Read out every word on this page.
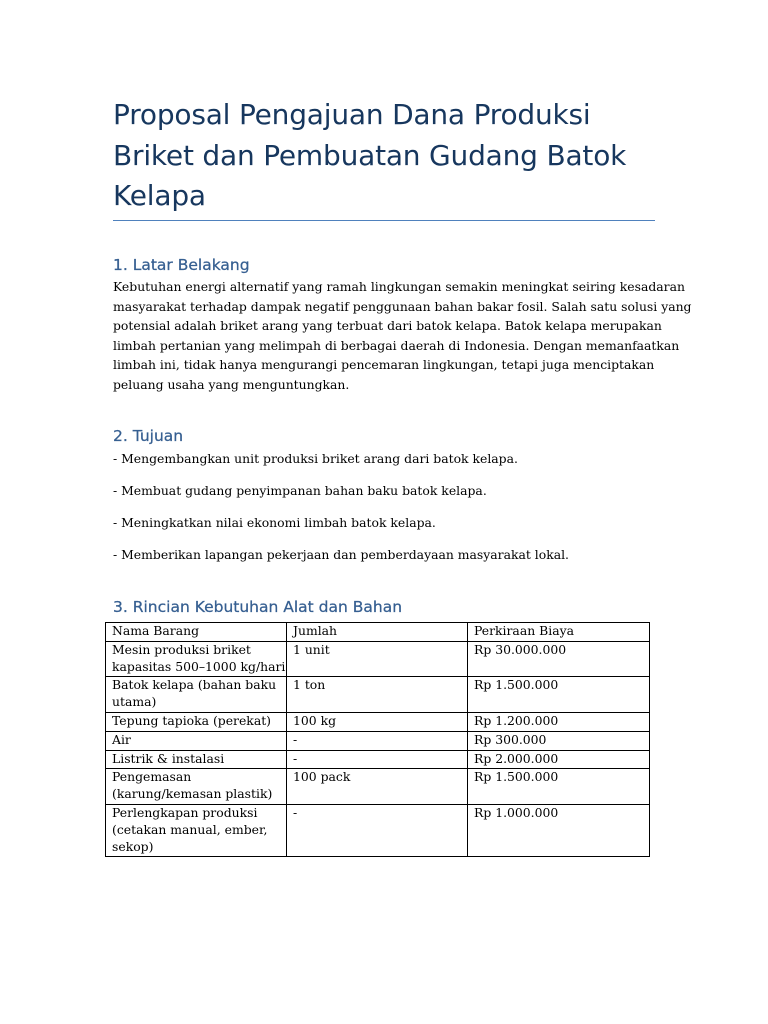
Proposal Pengajuan Dana Produksi
Briket dan Pembuatan Gudang Batok
Kelapa
1. Latar Belakang

Kebutuhan energi alternatif yang ramah lingkungan semakin meningkat seiring kesadaran
masyarakat terhadap dampak negatif penggunaan bahan bakar fosil. Salah satu solusi yang
potensial adalah briket arang yang terbuat dari batok kelapa. Batok kelapa merupakan
limbah pertanian yang melimpah di berbagai daerah di Indonesia. Dengan memanfaatkan
limbah ini, tidak hanya mengurangi pencemaran lingkungan, tetapi juga menciptakan
peluang usaha yang menguntungkan.

2. Tujuan

- Mengembangkan unit produksi briket arang dari batok kelapa.

- Membuat gudang penyimpanan bahan baku batok kelapa.

- Meningkatkan nilai ekonomi limbah batok kelapa.

- Memberikan lapangan pekerjaan dan pemberdayaan masyarakat lokal.

3. Rincian Kebutuhan Alat dan Bahan
Nama Barang	Jumlah	Perkiraan Biaya

Mesin produksi briket
kapasitas 500–1000 kg/hari	1 unit	Rp 30.000.000

Batok kelapa (bahan baku
utama)	1 ton	Rp 1.500.000

Tepung tapioka (perekat)	100 kg	Rp 1.200.000

Air	-	Rp 300.000

Listrik & instalasi	-	Rp 2.000.000

Pengemasan
(karung/kemasan plastik)	100 pack	Rp 1.500.000

Perlengkapan produksi
(cetakan manual, ember,
sekop)	-	Rp 1.000.000
